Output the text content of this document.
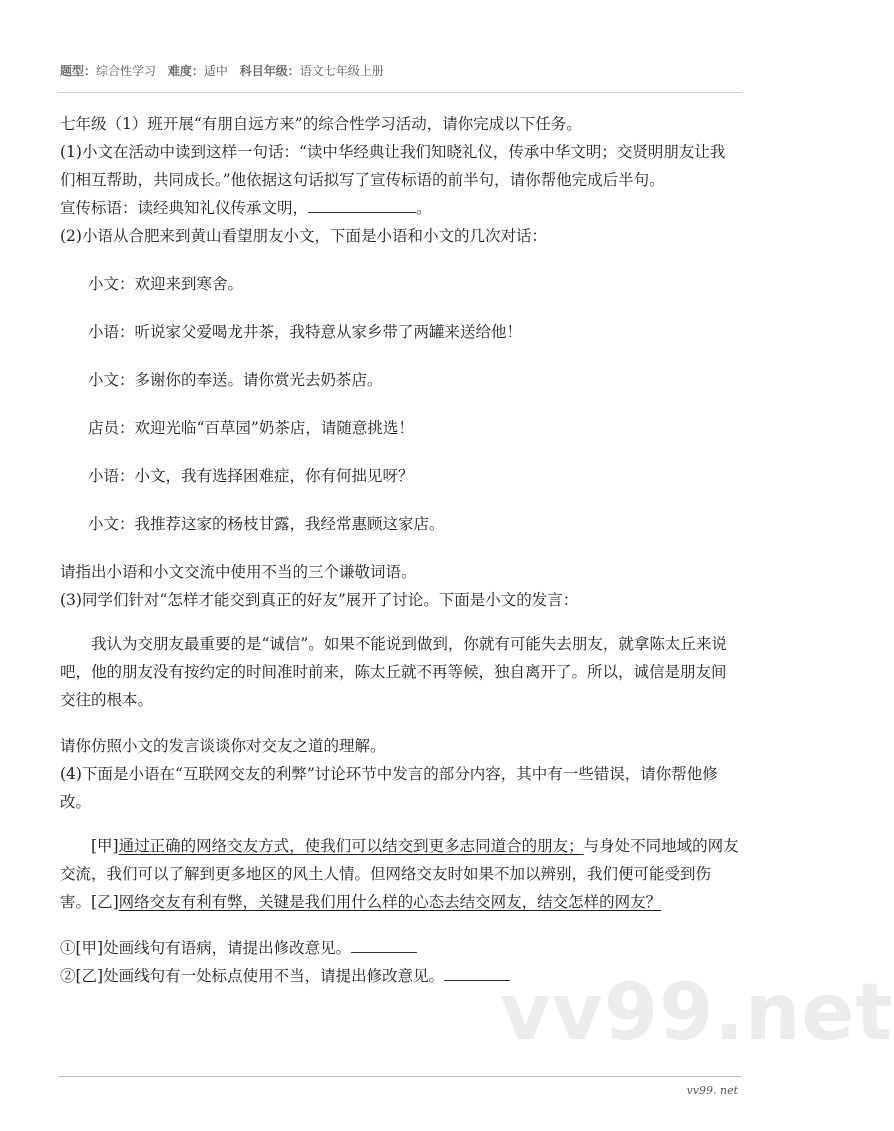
题型：综合性学习 难度：适中 科目年级：语文七年级上册
vv99.net

七年级（1）班开展“有朋自远方来”的综合性学习活动，请你完成以下任务。

(1)小文在活动中读到这样一句话：“读中华经典让我们知晓礼仪，传承中华文明；交贤明朋友让我们相互帮助，共同成长。”他依据这句话拟写了宣传标语的前半句，请你帮他完成后半句。

宣传标语：读经典知礼仪传承文明，	。

(2)小语从合肥来到黄山看望朋友小文，下面是小语和小文的几次对话：

小文：欢迎来到寒舍。

小语：听说家父爱喝龙井茶，我特意从家乡带了两罐来送给他！

小文：多谢你的奉送。请你赏光去奶茶店。

店员：欢迎光临“百草园”奶茶店，请随意挑选！

小语：小文，我有选择困难症，你有何拙见呀？

小文：我推荐这家的杨枝甘露，我经常惠顾这家店。

请指出小语和小文交流中使用不当的三个谦敬词语。

(3)同学们针对“怎样才能交到真正的好友”展开了讨论。下面是小文的发言：

我认为交朋友最重要的是“诚信”。如果不能说到做到，你就有可能失去朋友，就拿陈太丘来说吧，他的朋友没有按约定的时间准时前来，陈太丘就不再等候，独自离开了。所以，诚信是朋友间交往的根本。

请你仿照小文的发言谈谈你对交友之道的理解。

(4)下面是小语在“互联网交友的利弊”讨论环节中发言的部分内容，其中有一些错误，请你帮他修改。

[甲]通过正确的网络交友方式，使我们可以结交到更多志同道合的朋友；与身处不同地域的网友交流，我们可以了解到更多地区的风土人情。但网络交友时如果不加以辨别，我们便可能受到伤害。[乙]网络交友有利有弊，关键是我们用什么样的心态去结交网友，结交怎样的网友？

①[甲]处画线句有语病，请提出修改意见。

②[乙]处画线句有一处标点使用不当，请提出修改意见。

vv99. net
